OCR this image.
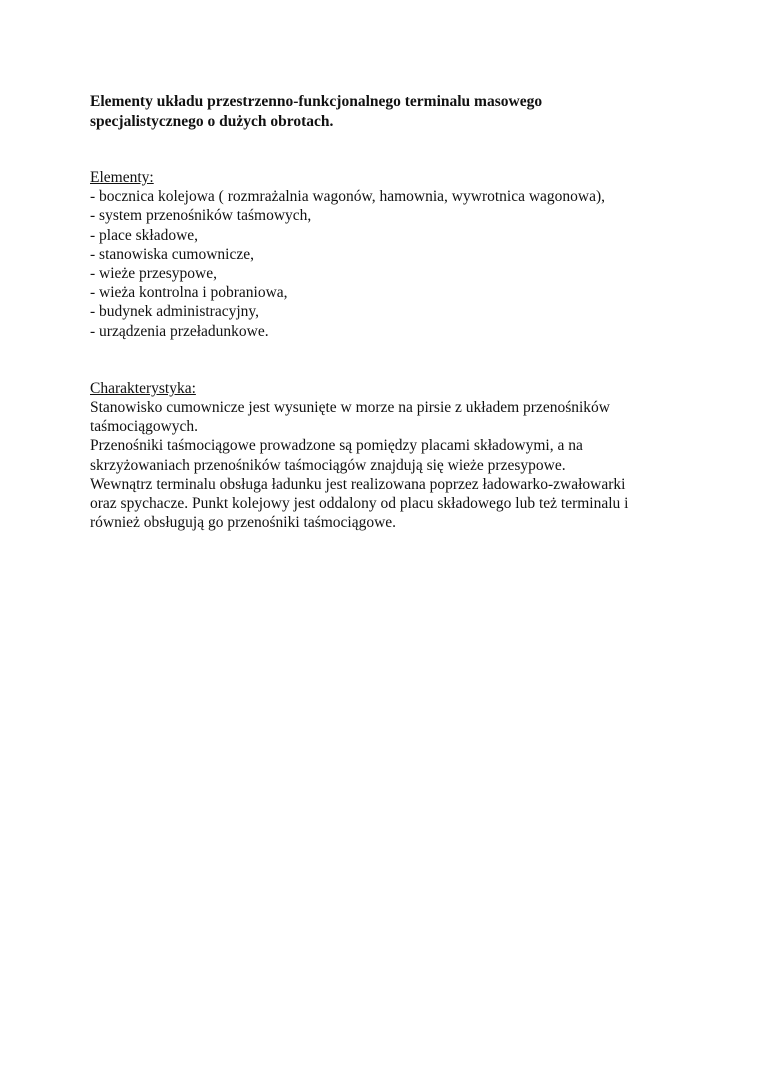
Elementy układu przestrzenno-funkcjonalnego terminalu masowego
specjalistycznego o dużych obrotach.

Elementy:

- bocznica kolejowa ( rozmrażalnia wagonów, hamownia, wywrotnica wagonowa),
- system przenośników taśmowych,
- place składowe,
- stanowiska cumownicze,
- wieże przesypowe,
- wieża kontrolna i pobraniowa,
- budynek administracyjny,
- urządzenia przeładunkowe.

Charakterystyka:

Stanowisko cumownicze jest wysunięte w morze na pirsie z układem przenośników
taśmociągowych.
Przenośniki taśmociągowe prowadzone są pomiędzy placami składowymi, a na
skrzyżowaniach przenośników taśmociągów znajdują się wieże przesypowe.
Wewnątrz terminalu obsługa ładunku jest realizowana poprzez ładowarko-zwałowarki
oraz spychacze. Punkt kolejowy jest oddalony od placu składowego lub też terminalu i
również obsługują go przenośniki taśmociągowe.
